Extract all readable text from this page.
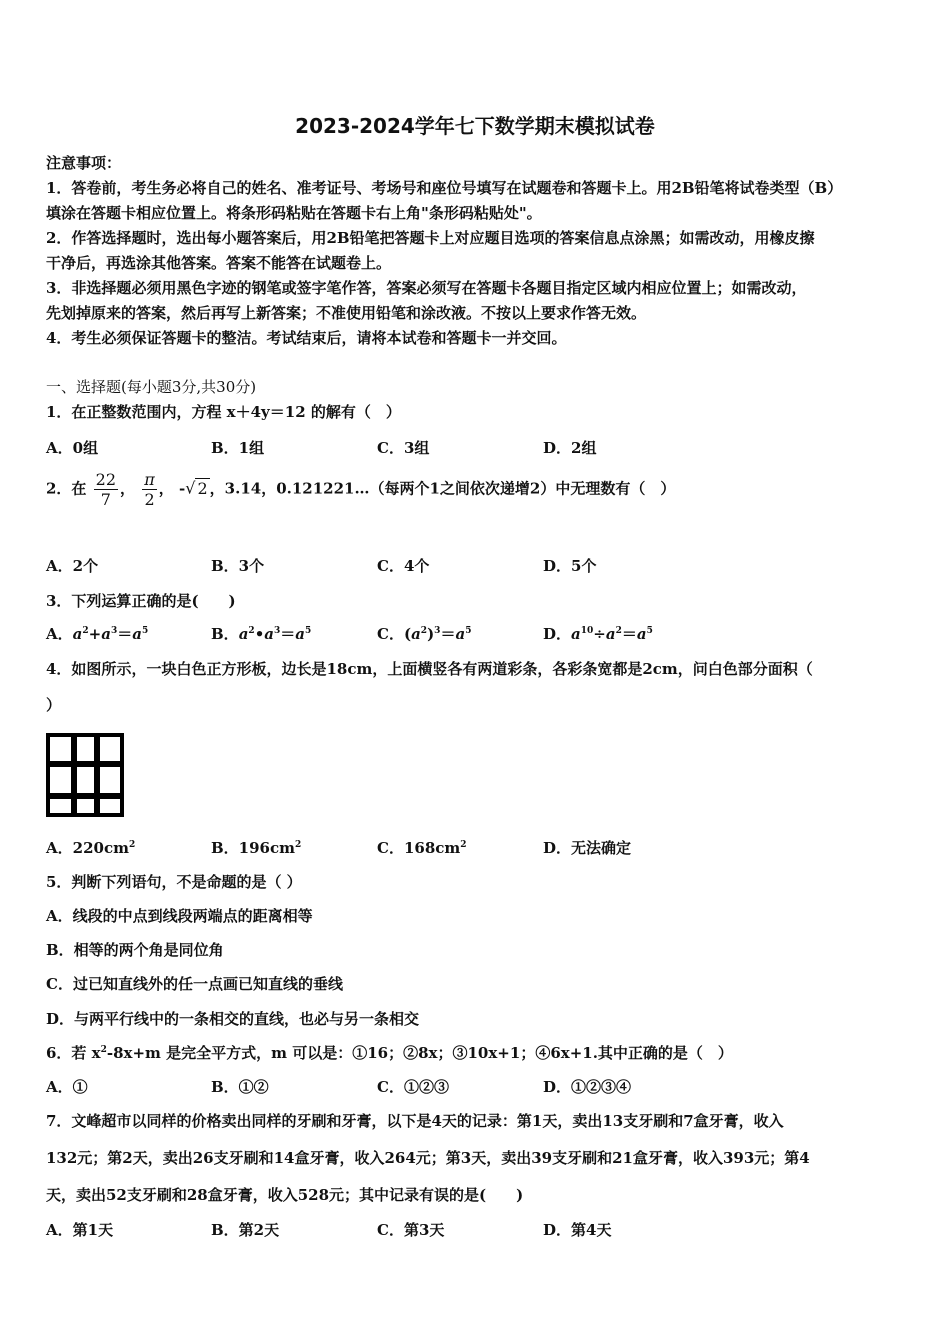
2023-2024学年七下数学期末模拟试卷
注意事项：
1．答卷前，考生务必将自己的姓名、准考证号、考场号和座位号填写在试题卷和答题卡上。用2B铅笔将试卷类型（B）
填涂在答题卡相应位置上。将条形码粘贴在答题卡右上角"条形码粘贴处"。
2．作答选择题时，选出每小题答案后，用2B铅笔把答题卡上对应题目选项的答案信息点涂黑；如需改动，用橡皮擦
干净后，再选涂其他答案。答案不能答在试题卷上。
3．非选择题必须用黑色字迹的钢笔或签字笔作答，答案必须写在答题卡各题目指定区域内相应位置上；如需改动，
先划掉原来的答案，然后再写上新答案；不准使用铅笔和涂改液。不按以上要求作答无效。
4．考生必须保证答题卡的整洁。考试结束后，请将本试卷和答题卡一并交回。
一、选择题(每小题3分,共30分)
1．在正整数范围内，方程 x＋4y＝12 的解有（　）
A．0组	B．1组	C．3组	D．2组
2．在 $\frac{22}{7}$ ， $\frac{\pi}{2}$ ， -√ 2 ，3.14，0.121221…（每两个1之间依次递增2）中无理数有（　）
A．2个	B．3个	C．4个	D．5个
3．下列运算正确的是(　　)
A．$a^2+a^3=a^5$	B．$a^2•a^3=a^5$	C．$(a^2)^3=a^5$	D．$a^{10}\div a^2=a^5$
4．如图所示，一块白色正方形板，边长是18cm，上面横竖各有两道彩条，各彩条宽都是2cm，问白色部分面积（
）
A．$220cm^2$	B．$196cm^2$	C．$168cm^2$	D．无法确定
5．判断下列语句，不是命题的是（ ）
A．线段的中点到线段两端点的距离相等
B．相等的两个角是同位角
C．过已知直线外的任一点画已知直线的垂线
D．与两平行线中的一条相交的直线，也必与另一条相交
6．若 $x^2-8x+m$ 是完全平方式，m 可以是：①16；②8x；③10x+1；④6x+1.其中正确的是（　）
A．①	B．①②	C．①②③	D．①②③④
7．文峰超市以同样的价格卖出同样的牙刷和牙膏，以下是4天的记录：第1天，卖出13支牙刷和7盒牙膏，收入
132元；第2天，卖出26支牙刷和14盒牙膏，收入264元；第3天，卖出39支牙刷和21盒牙膏，收入393元；第4
天，卖出52支牙刷和28盒牙膏，收入528元；其中记录有误的是(　　)
A．第1天	B．第2天	C．第3天	D．第4天
